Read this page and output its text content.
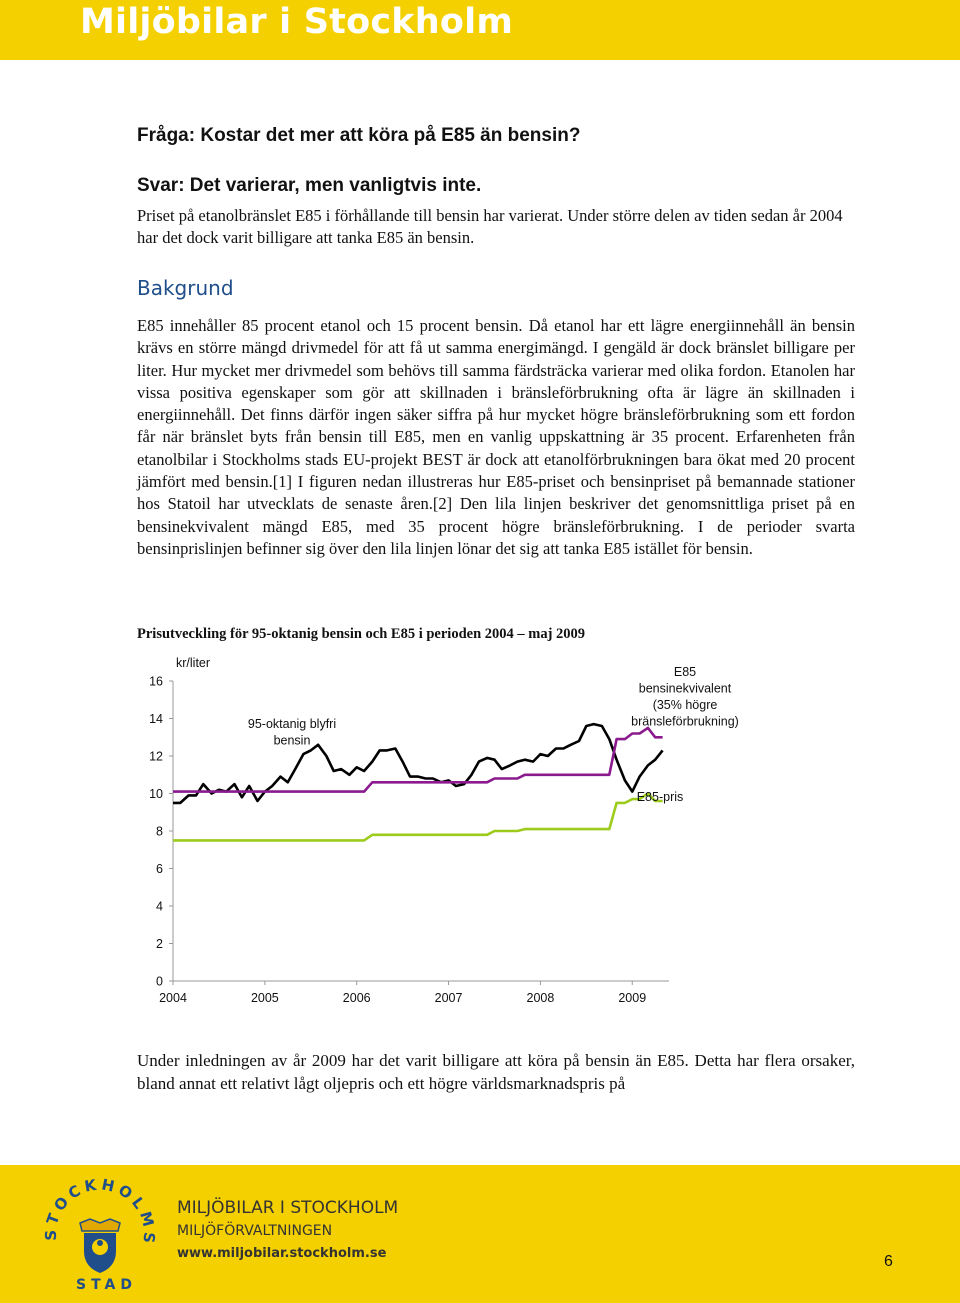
Miljöbilar i Stockholm
Fråga: Kostar det mer att köra på E85 än bensin?
Svar: Det varierar, men vanligtvis inte.

Priset på etanolbränslet E85 i förhållande till bensin har varierat. Under större delen av tiden sedan år 2004 har det dock varit billigare att tanka E85 än bensin.

Bakgrund

E85 innehåller 85 procent etanol och 15 procent bensin. Då etanol har ett lägre energiinnehåll än bensin krävs en större mängd drivmedel för att få ut samma energimängd. I gengäld är dock bränslet billigare per liter. Hur mycket mer drivmedel som behövs till samma färdsträcka varierar med olika fordon. Etanolen har vissa positiva egenskaper som gör att skillnaden i bränsleförbrukning ofta är lägre än skillnaden i energiinnehåll. Det finns därför ingen säker siffra på hur mycket högre bränsleförbrukning som ett fordon får när bränslet byts från bensin till E85, men en vanlig uppskattning är 35 procent. Erfarenheten från etanolbilar i Stockholms stads EU-projekt BEST är dock att etanolförbrukningen bara ökat med 20 procent jämfört med bensin.[1] I figuren nedan illustreras hur E85-priset och bensinpriset på bemannade stationer hos Statoil har utvecklats de senaste åren.[2] Den lila linjen beskriver det genomsnittliga priset på en bensinekvivalent mängd E85, med 35 procent högre bränsleförbrukning. I de perioder svarta bensinprislinjen befinner sig över den lila linjen lönar det sig att tanka E85 istället för bensin.

Prisutveckling för 95-oktanig bensin och E85 i perioden 2004 – maj 2009
kr/liter
16
14
12
10
8
6
4
2
0
2004	2005	2006	2007	2008	2009
95-oktanig blyfri bensin
E85 bensinekvivalent (35% högre bränsleförbrukning)
E85-pris

Under inledningen av år 2009 har det varit billigare att köra på bensin än E85. Detta har flera orsaker, bland annat ett relativt lågt oljepris och ett högre världsmarknadspris på

STOCKHOLMS
STAD
MILJÖBILAR I STOCKHOLM
MILJÖFÖRVALTNINGEN
www.miljobilar.stockholm.se	6
